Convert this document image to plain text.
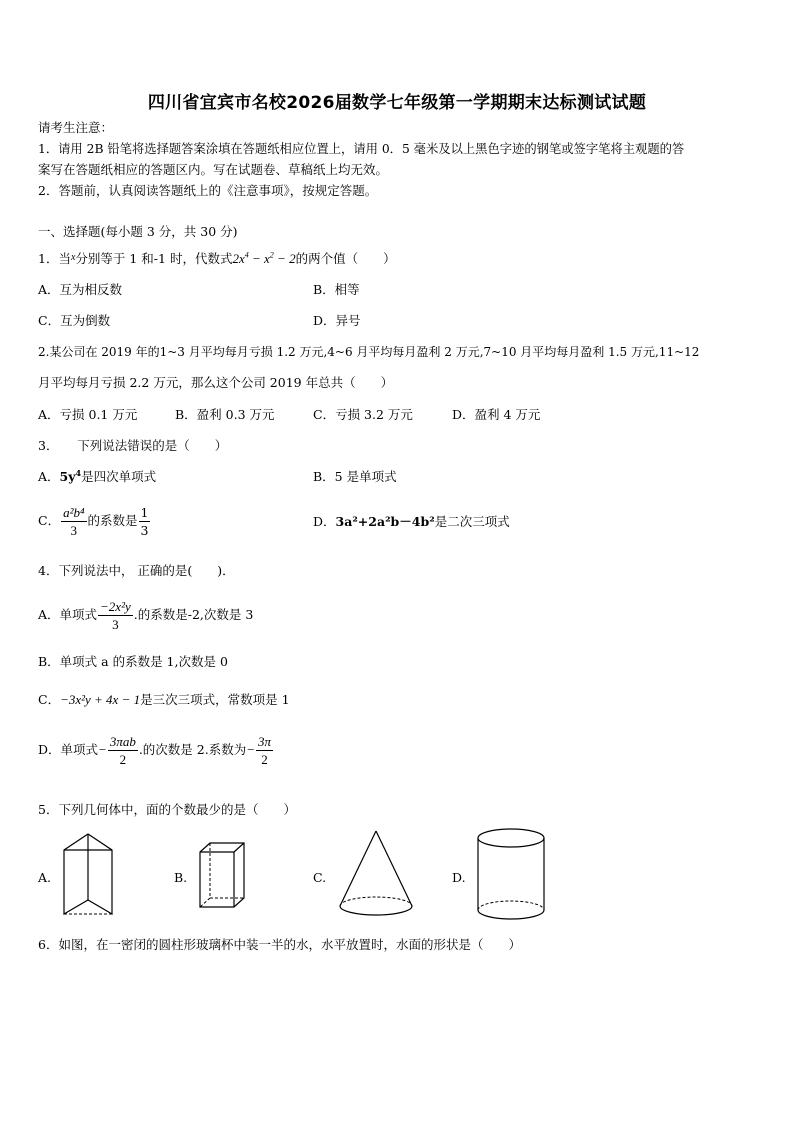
四川省宜宾市名校2026届数学七年级第一学期期末达标测试试题
请考生注意：
1．请用 2B 铅笔将选择题答案涂填在答题纸相应位置上，请用 0．5 毫米及以上黑色字迹的钢笔或签字笔将主观题的答
案写在答题纸相应的答题区内。写在试题卷、草稿纸上均无效。
2．答题前，认真阅读答题纸上的《注意事项》，按规定答题。
一、选择题(每小题 3 分，共 30 分)
1．当$^x$分别等于 1 和-1 时，代数式$2x^4 - x^2 - 2$的两个值（　　）
A．互为相反数	B．相等
C．互为倒数	D．异号
2.某公司在 2019 年的1~3 月平均每月亏损 1.2 万元,4~6 月平均每月盈利 2 万元,7~10 月平均每月盈利 1.5 万元,11~12
月平均每月亏损 2.2 万元，那么这个公司 2019 年总共（　　）
A．亏损 0.1 万元	B．盈利 0.3 万元	C．亏损 3.2 万元	D．盈利 4 万元
3．　　下列说法错误的是（　　）
A．$5y^4$是四次单项式	B．5 是单项式
C． $\frac{\text{a²b⁴}}{3}$ 的系数是 $\frac{1}{3}$	D．3a²+2a²b－4b²是二次三项式
4．下列说法中， 正确的是(　　)．
A．单项式 $\frac{\text{−2x²y}}{3}$ .的系数是-2,次数是 3
B．单项式 a 的系数是 1,次数是 0
C．−3x²y + 4x − 1是三次三项式，常数项是 1
D．单项式− $\frac{\text{3πab}}{2}$ .的次数是 2.系数为− $\frac{3\pi}{2}$
5．下列几何体中，面的个数最少的是（　　）
A.	B.	C.	D.
6．如图，在一密闭的圆柱形玻璃杯中装一半的水，水平放置时，水面的形状是（　　）
